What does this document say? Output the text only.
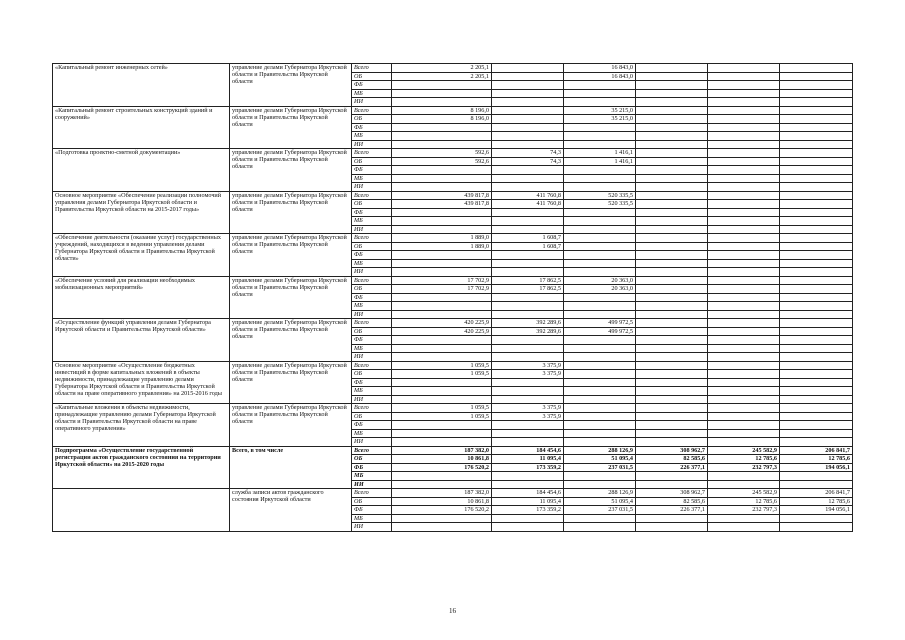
«Капитальный ремонт инженерных сетей»	управление делами Губернатора Иркутской области и Правительства Иркутской области	Всего	2 205,1		16 843,0			
		ОБ	2 205,1		16 843,0			
		ФБ						
		МБ						
		ИИ						
«Капитальный ремонт строительных конструкций зданий и сооружений»	управление делами Губернатора Иркутской области и Правительства Иркутской области	Всего	8 196,0		35 215,0			
		ОБ	8 196,0		35 215,0			
		ФБ						
		МБ						
		ИИ						
«Подготовка проектно-сметной документации»	управление делами Губернатора Иркутской области и Правительства Иркутской области	Всего	592,6	74,3	1 416,1			
		ОБ	592,6	74,3	1 416,1			
		ФБ						
		МБ						
		ИИ						
Основное мероприятие «Обеспечение реализации полномочий управления делами Губернатора Иркутской области и Правительства Иркутской области на 2015-2017 годы»	управление делами Губернатора Иркутской области и Правительства Иркутской области	Всего	439 817,8	411 760,8	520 335,5			
		ОБ	439 817,8	411 760,8	520 335,5			
		ФБ						
		МБ						
		ИИ						
«Обеспечение деятельности (оказание услуг) государственных учреждений, находящихся в ведении управления делами Губернатора Иркутской области и Правительства Иркутской области»	управление делами Губернатора Иркутской области и Правительства Иркутской области	Всего	1 889,0	1 608,7				
		ОБ	1 889,0	1 608,7				
		ФБ						
		МБ						
		ИИ						
«Обеспечение условий для реализации необходимых мобилизационных мероприятий»	управление делами Губернатора Иркутской области и Правительства Иркутской области	Всего	17 702,9	17 862,5	20 363,0			
		ОБ	17 702,9	17 862,5	20 363,0			
		ФБ						
		МБ						
		ИИ						
«Осуществление функций управления делами Губернатора Иркутской области и Правительства Иркутской области»	управление делами Губернатора Иркутской области и Правительства Иркутской области	Всего	420 225,9	392 289,6	499 972,5			
		ОБ	420 225,9	392 289,6	499 972,5			
		ФБ						
		МБ						
		ИИ						
Основное мероприятие «Осуществление бюджетных инвестиций в форме капитальных вложений в объекты недвижимости, принадлежащие управлению делами Губернатора Иркутской области и Правительства Иркутской области на праве оперативного управления» на 2015-2016 годы	управление делами Губернатора Иркутской области и Правительства Иркутской области	Всего	1 059,5	3 375,9				
		ОБ	1 059,5	3 375,9				
		ФБ						
		МБ						
		ИИ						
«Капитальные вложения в объекты недвижимости, принадлежащие управлению делами Губернатора Иркутской области и Правительства Иркутской области на праве оперативного управления»	управление делами Губернатора Иркутской области и Правительства Иркутской области	Всего	1 059,5	3 375,9				
		ОБ	1 059,5	3 375,9				
		ФБ						
		МБ						
		ИИ						
Подпрограмма «Осуществление государственной регистрации актов гражданского состояния на территории Иркутской области» на 2015-2020 годы	Всего, в том числе	Всего	187 382,0	184 454,6	288 126,9	308 962,7	245 582,9	206 841,7
		ОБ	10 861,8	11 095,4	51 095,4	82 585,6	12 785,6	12 785,6
		ФБ	176 520,2	173 359,2	237 031,5	226 377,1	232 797,3	194 056,1
		МБ						
		ИИ						
	служба записи актов гражданского состояния Иркутской области	Всего	187 382,0	184 454,6	288 126,9	308 962,7	245 582,9	206 841,7
		ОБ	10 861,8	11 095,4	51 095,4	82 585,6	12 785,6	12 785,6
		ФБ	176 520,2	173 359,2	237 031,5	226 377,1	232 797,3	194 056,1
		МБ						
		ИИ						
16
